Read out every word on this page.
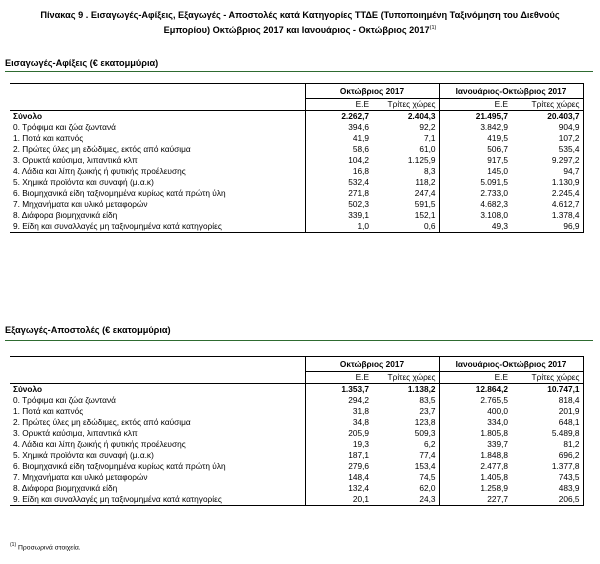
Πίνακας 9 . Εισαγωγές-Αφίξεις, Εξαγωγές - Αποστολές κατά Κατηγορίες ΤΤΔΕ (Τυποποιημένη Ταξινόμηση του Διεθνούς
Εμπορίου) Οκτώβριος 2017 και Ιανουάριος - Οκτώβριος 2017$^{(1)}$
Εισαγωγές-Αφίξεις (€ εκατομμύρια)
	Οκτώβριος 2017		Ιανουάριος-Οκτώβριος 2017	
	Ε.Ε	Τρίτες χώρες	Ε.Ε	Τρίτες χώρες
Σύνολο	2.262,7	2.404,3	21.495,7	20.403,7
0. Τρόφιμα και ζώα ζωντανά	394,6	92,2	3.842,9	904,9
1. Ποτά και καπνός	41,9	7,1	419,5	107,2
2. Πρώτες ύλες μη εδώδιμες, εκτός από καύσιμα	58,6	61,0	506,7	535,4
3. Ορυκτά καύσιμα, λιπαντικά κλπ	104,2	1.125,9	917,5	9.297,2
4. Λάδια και λίπη ζωικής ή φυτικής προέλευσης	16,8	8,3	145,0	94,7
5. Χημικά προϊόντα και συναφή (μ.α.κ)	532,4	118,2	5.091,5	1.130,9
6. Βιομηχανικά είδη ταξινομημένα κυρίως κατά πρώτη ύλη	271,8	247,4	2.733,0	2.245,4
7. Μηχανήματα και υλικό μεταφορών	502,3	591,5	4.682,3	4.612,7
8. Διάφορα βιομηχανικά είδη	339,1	152,1	3.108,0	1.378,4
9. Είδη και συναλλαγές μη ταξινομημένα κατά κατηγορίες	1,0	0,6	49,3	96,9
Εξαγωγές-Αποστολές (€ εκατομμύρια)
	Οκτώβριος 2017		Ιανουάριος-Οκτώβριος 2017	
	Ε.Ε	Τρίτες χώρες	Ε.Ε	Τρίτες χώρες
Σύνολο	1.353,7	1.138,2	12.864,2	10.747,1
0. Τρόφιμα και ζώα ζωντανά	294,2	83,5	2.765,5	818,4
1. Ποτά και καπνός	31,8	23,7	400,0	201,9
2. Πρώτες ύλες μη εδώδιμες, εκτός από καύσιμα	34,8	123,8	334,0	648,1
3. Ορυκτά καύσιμα, λιπαντικά κλπ	205,9	509,3	1.805,8	5.489,8
4. Λάδια και λίπη ζωικής ή φυτικής προέλευσης	19,3	6,2	339,7	81,2
5. Χημικά προϊόντα και συναφή (μ.α.κ)	187,1	77,4	1.848,8	696,2
6. Βιομηχανικά είδη ταξινομημένα κυρίως κατά πρώτη ύλη	279,6	153,4	2.477,8	1.377,8
7. Μηχανήματα και υλικό μεταφορών	148,4	74,5	1.405,8	743,5
8. Διάφορα βιομηχανικά είδη	132,4	62,0	1.258,9	483,9
9. Είδη και συναλλαγές μη ταξινομημένα κατά κατηγορίες	20,1	24,3	227,7	206,5
$^{(1)}$ Προσωρινά στοιχεία.
